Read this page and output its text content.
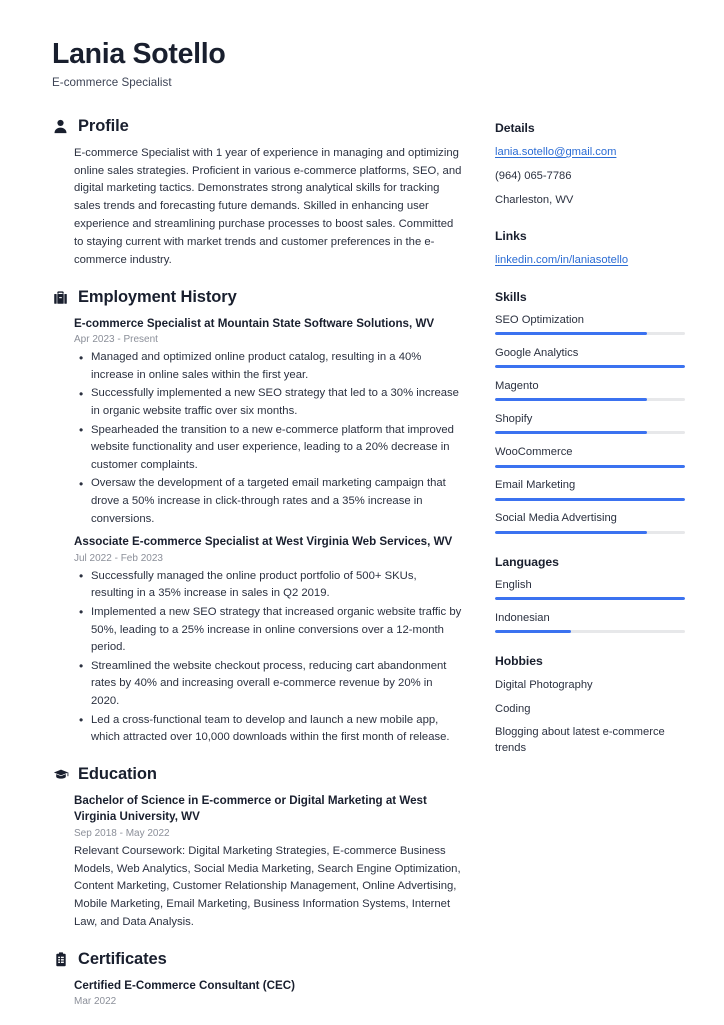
Lania Sotello
E-commerce Specialist
Profile
E-commerce Specialist with 1 year of experience in managing and optimizing online sales strategies. Proficient in various e-commerce platforms, SEO, and digital marketing tactics. Demonstrates strong analytical skills for tracking sales trends and forecasting future demands. Skilled in enhancing user experience and streamlining purchase processes to boost sales. Committed to staying current with market trends and customer preferences in the e-commerce industry.
Employment History
E-commerce Specialist at Mountain State Software Solutions, WV
Apr 2023 - Present
• Managed and optimized online product catalog, resulting in a 40% increase in online sales within the first year.
• Successfully implemented a new SEO strategy that led to a 30% increase in organic website traffic over six months.
• Spearheaded the transition to a new e-commerce platform that improved website functionality and user experience, leading to a 20% decrease in customer complaints.
• Oversaw the development of a targeted email marketing campaign that drove a 50% increase in click-through rates and a 35% increase in conversions.
Associate E-commerce Specialist at West Virginia Web Services, WV
Jul 2022 - Feb 2023
• Successfully managed the online product portfolio of 500+ SKUs, resulting in a 35% increase in sales in Q2 2019.
• Implemented a new SEO strategy that increased organic website traffic by 50%, leading to a 25% increase in online conversions over a 12-month period.
• Streamlined the website checkout process, reducing cart abandonment rates by 40% and increasing overall e-commerce revenue by 20% in 2020.
• Led a cross-functional team to develop and launch a new mobile app, which attracted over 10,000 downloads within the first month of release.
Education
Bachelor of Science in E-commerce or Digital Marketing at West Virginia University, WV
Sep 2018 - May 2022
Relevant Coursework: Digital Marketing Strategies, E-commerce Business Models, Web Analytics, Social Media Marketing, Search Engine Optimization, Content Marketing, Customer Relationship Management, Online Advertising, Mobile Marketing, Email Marketing, Business Information Systems, Internet Law, and Data Analysis.
Certificates
Certified E-Commerce Consultant (CEC)
Mar 2022
Details
lania.sotello@gmail.com
(964) 065-7786
Charleston, WV
Links
linkedin.com/in/laniasotello
Skills
SEO Optimization
Google Analytics
Magento
Shopify
WooCommerce
Email Marketing
Social Media Advertising
Languages
English
Indonesian
Hobbies
Digital Photography
Coding
Blogging about latest e-commerce trends
